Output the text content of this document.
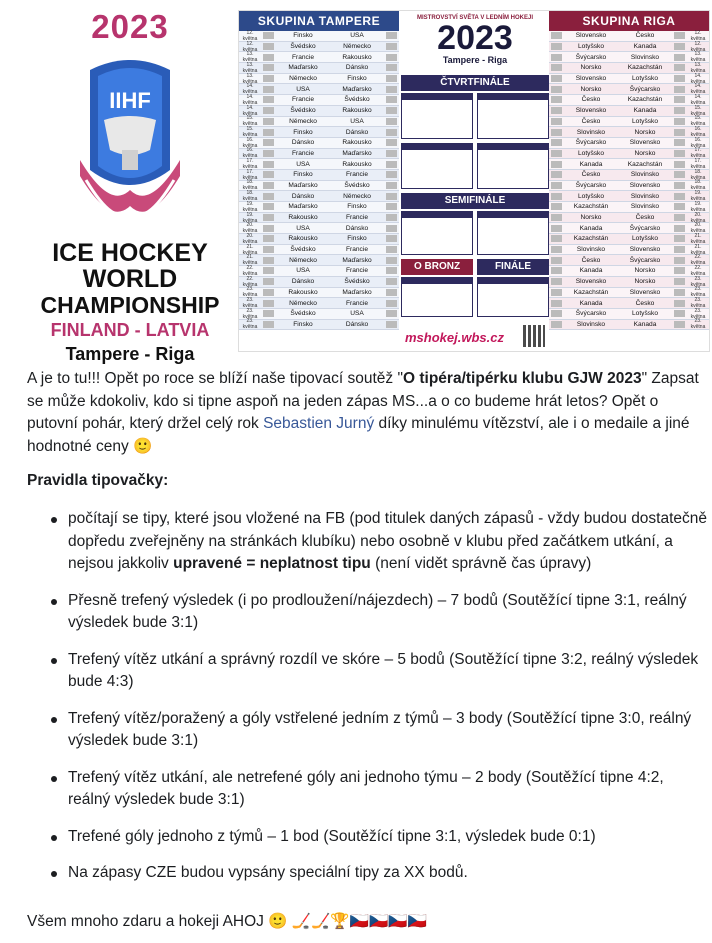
2023
IIHF
ICE HOCKEY
WORLD
CHAMPIONSHIP
FINLAND - LATVIA
Tampere - Riga
SKUPINA TAMPERE
12. května	Finsko	USA
12. května	Švédsko	Německo
13. května	Francie	Rakousko
13. května	Maďarsko	Dánsko
13. května	Německo	Finsko
14. května	USA	Maďarsko
14. května	Francie	Švédsko
14. května	Švédsko	Rakousko
15. května	Německo	USA
15. května	Finsko	Dánsko
16. května	Dánsko	Rakousko
16. května	Francie	Maďarsko
17. května	USA	Rakousko
17. května	Finsko	Francie
18. května	Maďarsko	Švédsko
18. května	Dánsko	Německo
19. května	Maďarsko	Finsko
19. května	Rakousko	Francie
20. května	USA	Dánsko
20. května	Rakousko	Finsko
21. května	Švédsko	Francie
21. května	Německo	Maďarsko
22. května	USA	Francie
22. května	Dánsko	Švédsko
23. května	Rakousko	Maďarsko
23. května	Německo	Francie
23. května	Švédsko	USA
23. května	Finsko	Dánsko
MISTROVSTVÍ SVĚTA V LEDNÍM HOKEJI
2023
Tampere - Riga
ČTVRTFINÁLE
SEMIFINÁLE
O BRONZ	FINÁLE
mshokej.wbs.cz
SKUPINA RIGA
Slovensko	Česko	12. května
Lotyšsko	Kanada	12. května
Švýcarsko	Slovinsko	13. května
Norsko	Kazachstán	13. května
Slovensko	Lotyšsko	14. května
Norsko	Švýcarsko	14. května
Česko	Kazachstán	14. května
Slovensko	Kanada	15. května
Česko	Lotyšsko	15. května
Slovinsko	Norsko	16. května
Švýcarsko	Slovensko	16. května
Lotyšsko	Norsko	17. května
Kanada	Kazachstán	17. května
Česko	Slovinsko	18. května
Švýcarsko	Slovensko	18. května
Lotyšsko	Slovinsko	19. května
Kazachstán	Slovinsko	19. května
Norsko	Česko	20. května
Kanada	Švýcarsko	20. května
Kazachstán	Lotyšsko	21. května
Slovinsko	Slovensko	21. května
Česko	Švýcarsko	22. května
Kanada	Norsko	22. května
Slovensko	Norsko	23. května
Kazachstán	Slovensko	23. května
Kanada	Česko	23. května
Švýcarsko	Lotyšsko	23. května
Slovinsko	Kanada	23. května

A je to tu!!! Opět po roce se blíží naše tipovací soutěž "O tipéra/tipérku klubu GJW 2023" Zapsat se může kdokoliv, kdo si tipne aspoň na jeden zápas MS...a o co budeme hrát letos? Opět o putovní pohár, který držel celý rok Sebastien Jurný díky minulému vítězství, ale i o medaile a jiné hodnotné ceny 🙂

Pravidla tipovačky:
počítají se tipy, které jsou vložené na FB (pod titulek daných zápasů - vždy budou dostatečně dopředu zveřejněny na stránkách klubíku) nebo osobně v klubu před začátkem utkání, a nejsou jakkoliv upravené = neplatnost tipu (není vidět správně čas úpravy)
Přesně trefený výsledek (i po prodloužení/nájezdech) – 7 bodů (Soutěžící tipne 3:1, reálný výsledek bude 3:1)
Trefený vítěz utkání a správný rozdíl ve skóre – 5 bodů (Soutěžící tipne 3:2, reálný výsledek bude 4:3)
Trefený vítěz/poražený a góly vstřelené jedním z týmů – 3 body (Soutěžící tipne 3:0, reálný výsledek bude 3:1)
Trefený vítěz utkání, ale netrefené góly ani jednoho týmu – 2 body (Soutěžící tipne 4:2, reálný výsledek bude 3:1)
Trefené góly jednoho z týmů – 1 bod (Soutěžící tipne 3:1, výsledek bude 0:1)
Na zápasy CZE budou vypsány speciální tipy za XX bodů.
Všem mnoho zdaru a hokeji AHOJ 🙂 🏒🏒🏆🇨🇿🇨🇿🇨🇿🇨🇿
